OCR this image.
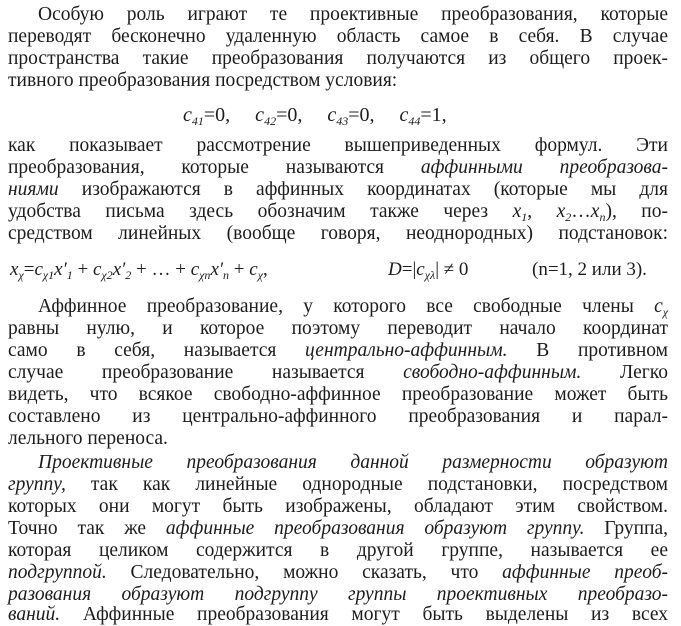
Особую роль играют те проективные преобразования, которые
переводят бесконечно удаленную область самое в себя. В случае
пространства такие преобразования получаются из общего проек-
тивного преобразования посредством условия:
$c_{41}=0$, $c_{42}=0$, $c_{43}=0$, $c_{44}=1$,
как показывает рассмотрение вышеприведенных формул. Эти
преобразования, которые называются аффинными преобразова-
ниями изображаются в аффинных координатах (которые мы для
удобства письма здесь обозначим также через $x_1$, $x_2\dots x_n$), по-
средством линейных (вообще говоря, неоднородных) подстановок:
$x_\chi=c_{\chi 1}x'_1 + c_{\chi 2}x'_2$ + … + $c_{\chi n}x'_n + c_\chi$,	$D=|c_{\chi\lambda}| \ne 0$	(n=1, 2 или 3).
Аффинное преобразование, у которого все свободные члены $c_\chi$
равны нулю, и которое поэтому переводит начало координат
само в себя, называется центрально-аффинным. В противном
случае преобразование называется свободно-аффинным. Легко
видеть, что всякое свободно-аффинное преобразование может быть
составлено из центрально-аффинного преобразования и парал-
лельного переноса.
Проективные преобразования данной размерности образуют
группу, так как линейные однородные подстановки, посредством
которых они могут быть изображены, обладают этим свойством.
Точно так же аффинные преобразования образуют группу. Группа,
которая целиком содержится в другой группе, называется ее
подгруппой. Следовательно, можно сказать, что аффинные преоб-
разования образуют подгруппу группы проективных преобразо-
ваний. Аффинные преобразования могут быть выделены из всех
